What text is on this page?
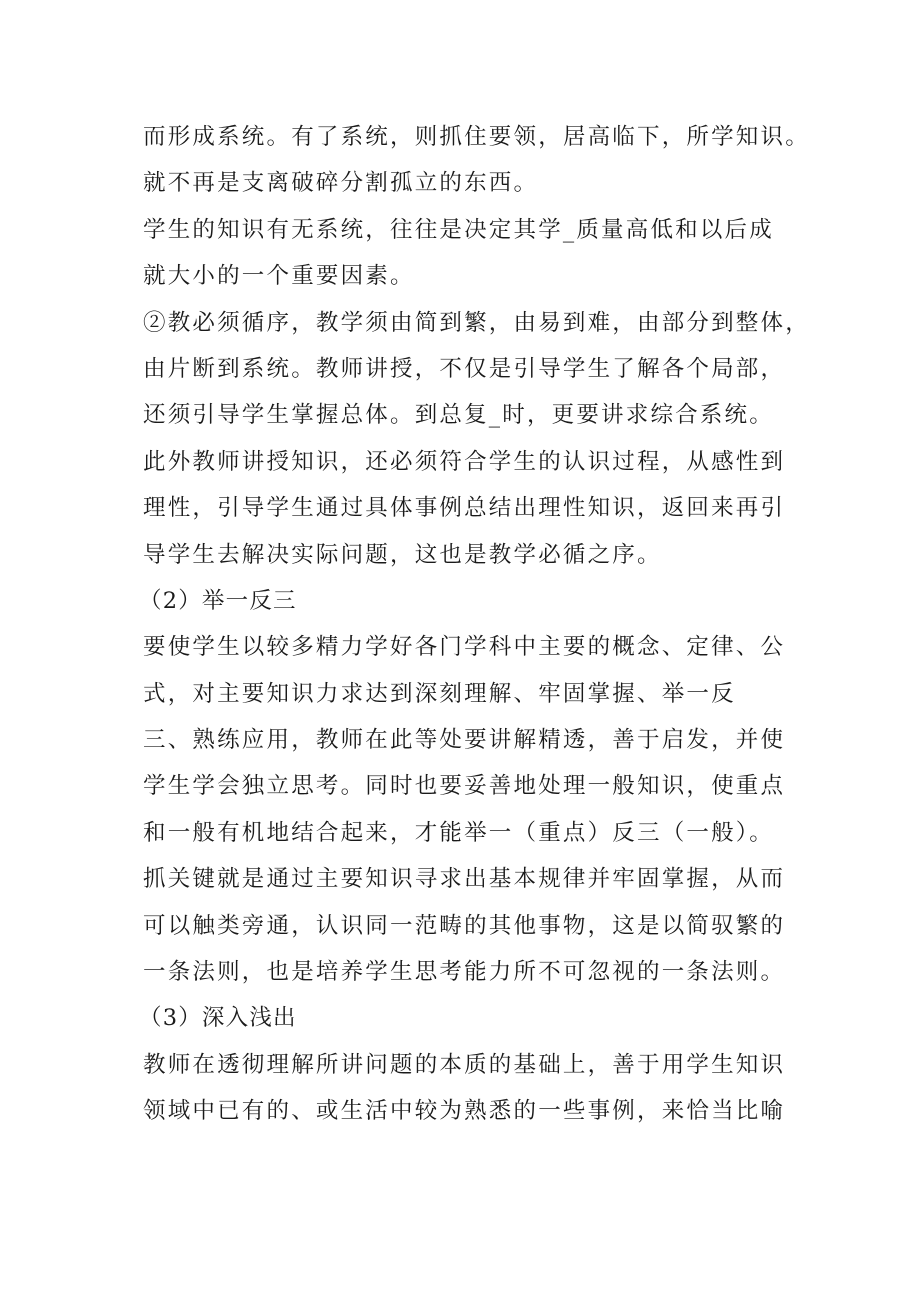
而形成系统。有了系统，则抓住要领，居高临下，所学知识。
就不再是支离破碎分割孤立的东西。
学生的知识有无系统，往往是决定其学_质量高低和以后成
就大小的一个重要因素。
②教必须循序，教学须由简到繁，由易到难，由部分到整体，
由片断到系统。教师讲授，不仅是引导学生了解各个局部，
还须引导学生掌握总体。到总复_时，更要讲求综合系统。
此外教师讲授知识，还必须符合学生的认识过程，从感性到
理性，引导学生通过具体事例总结出理性知识，返回来再引
导学生去解决实际问题，这也是教学必循之序。
（2）举一反三
要使学生以较多精力学好各门学科中主要的概念、定律、公
式，对主要知识力求达到深刻理解、牢固掌握、举一反
三、熟练应用，教师在此等处要讲解精透，善于启发，并使
学生学会独立思考。同时也要妥善地处理一般知识，使重点
和一般有机地结合起来，才能举一（重点）反三（一般）。
抓关键就是通过主要知识寻求出基本规律并牢固掌握，从而
可以触类旁通，认识同一范畴的其他事物，这是以简驭繁的
一条法则，也是培养学生思考能力所不可忽视的一条法则。
（3）深入浅出
教师在透彻理解所讲问题的本质的基础上，善于用学生知识
领域中已有的、或生活中较为熟悉的一些事例，来恰当比喻
